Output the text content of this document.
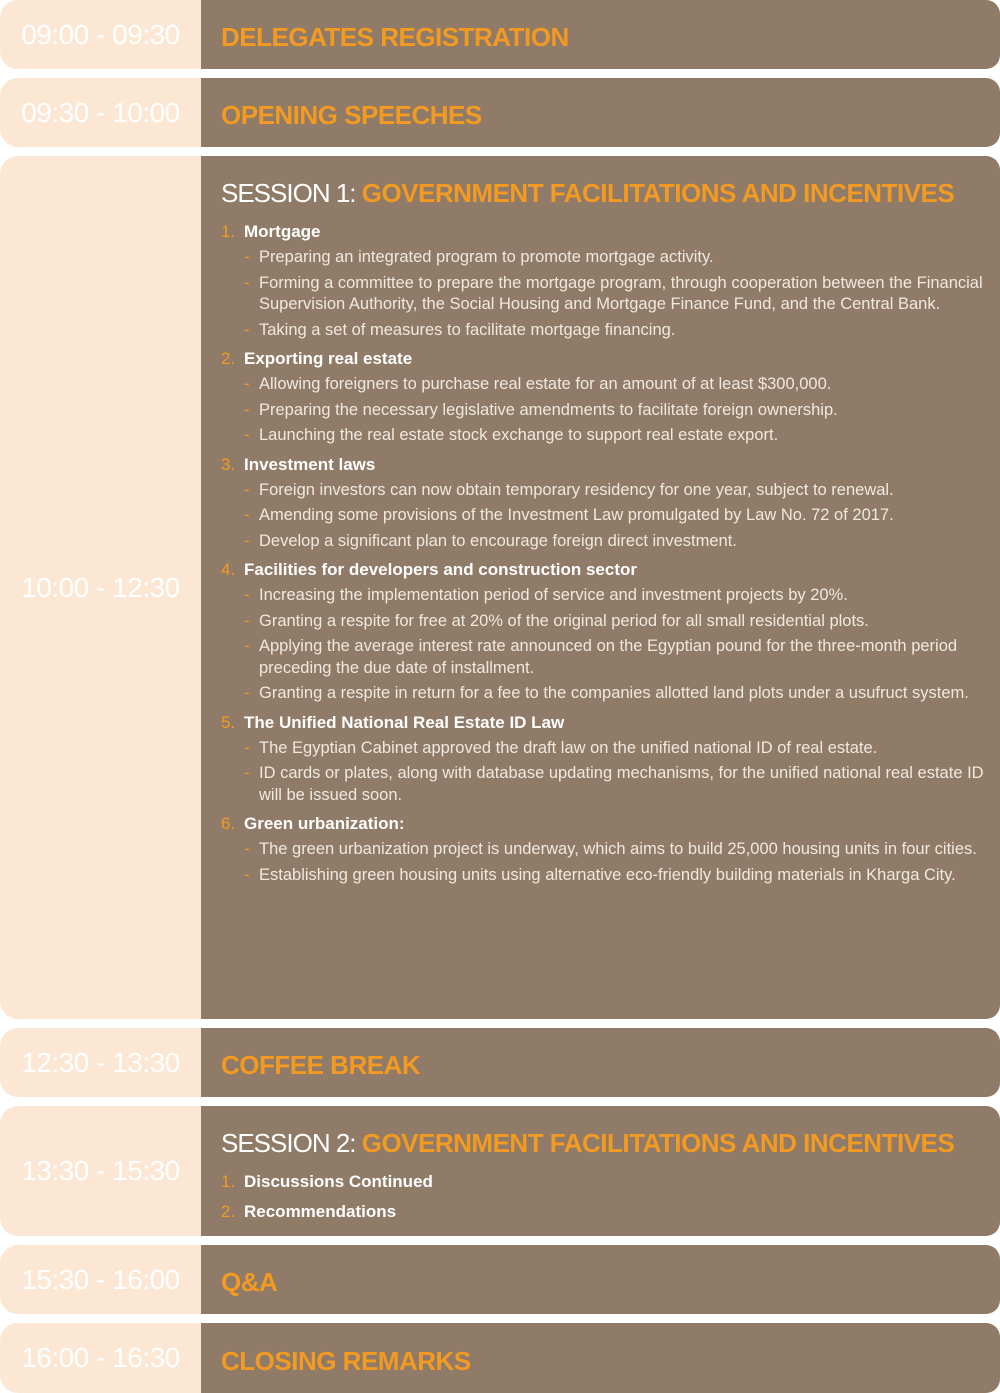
09:00 - 09:30	DELEGATES REGISTRATION
09:30 - 10:00	OPENING SPEECHES
10:00 - 12:30
SESSION 1: GOVERNMENT FACILITATIONS AND INCENTIVES
1. Mortgage
- Preparing an integrated program to promote mortgage activity.
- Forming a committee to prepare the mortgage program, through cooperation between the Financial Supervision Authority, the Social Housing and Mortgage Finance Fund, and the Central Bank.
- Taking a set of measures to facilitate mortgage financing.
2. Exporting real estate
- Allowing foreigners to purchase real estate for an amount of at least $300,000.
- Preparing the necessary legislative amendments to facilitate foreign ownership.
- Launching the real estate stock exchange to support real estate export.
3. Investment laws
- Foreign investors can now obtain temporary residency for one year, subject to renewal.
- Amending some provisions of the Investment Law promulgated by Law No. 72 of 2017.
- Develop a significant plan to encourage foreign direct investment.
4. Facilities for developers and construction sector
- Increasing the implementation period of service and investment projects by 20%.
- Granting a respite for free at 20% of the original period for all small residential plots.
- Applying the average interest rate announced on the Egyptian pound for the three-month period preceding the due date of installment.
- Granting a respite in return for a fee to the companies allotted land plots under a usufruct system.
5. The Unified National Real Estate ID Law
- The Egyptian Cabinet approved the draft law on the unified national ID of real estate.
- ID cards or plates, along with database updating mechanisms, for the unified national real estate ID will be issued soon.
6. Green urbanization:
- The green urbanization project is underway, which aims to build 25,000 housing units in four cities.
- Establishing green housing units using alternative eco-friendly building materials in Kharga City.
12:30 - 13:30	COFFEE BREAK
13:30 - 15:30
SESSION 2: GOVERNMENT FACILITATIONS AND INCENTIVES
1. Discussions Continued
2. Recommendations
15:30 - 16:00	Q&A
16:00 - 16:30	CLOSING REMARKS
